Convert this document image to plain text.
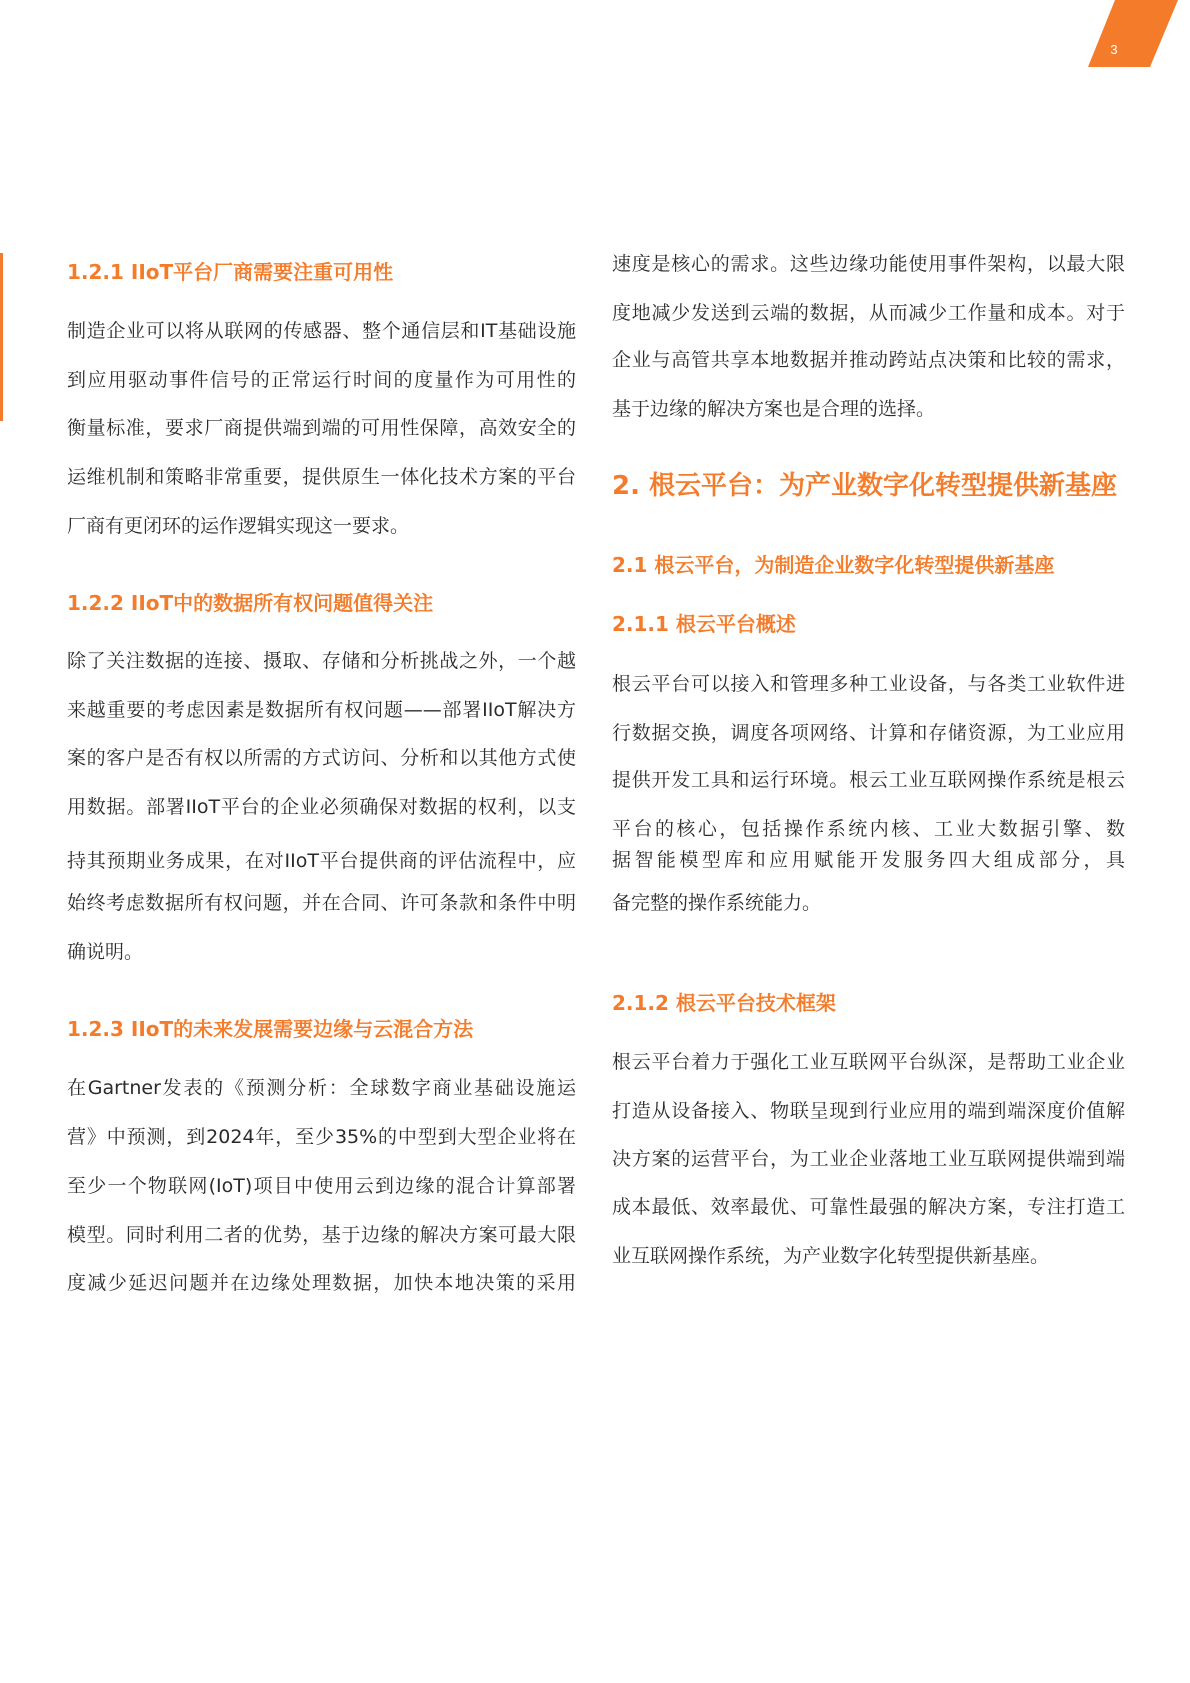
3
1.2.1 IIoT平台厂商需要注重可用性
制造企业可以将从联网的传感器、整个通信层和IT基础设施
到应用驱动事件信号的正常运行时间的度量作为可用性的
衡量标准，要求厂商提供端到端的可用性保障，高效安全的
运维机制和策略非常重要，提供原生一体化技术方案的平台
厂商有更闭环的运作逻辑实现这一要求。
1.2.2 IIoT中的数据所有权问题值得关注
除了关注数据的连接、摄取、存储和分析挑战之外，一个越
来越重要的考虑因素是数据所有权问题——部署IIoT解决方
案的客户是否有权以所需的方式访问、分析和以其他方式使
用数据。部署IIoT平台的企业必须确保对数据的权利，以支
持其预期业务成果，在对IIoT平台提供商的评估流程中，应
始终考虑数据所有权问题，并在合同、许可条款和条件中明
确说明。
1.2.3 IIoT的未来发展需要边缘与云混合方法
在Gartner发表的《预测分析：全球数字商业基础设施运
营》中预测，到2024年，至少35%的中型到大型企业将在
至少一个物联网(IoT)项目中使用云到边缘的混合计算部署
模型。同时利用二者的优势，基于边缘的解决方案可最大限
度减少延迟问题并在边缘处理数据，加快本地决策的采用
速度是核心的需求。这些边缘功能使用事件架构，以最大限
度地减少发送到云端的数据，从而减少工作量和成本。对于
企业与高管共享本地数据并推动跨站点决策和比较的需求，
基于边缘的解决方案也是合理的选择。
2. 根云平台：为产业数字化转型提供新基座
2.1 根云平台，为制造企业数字化转型提供新基座
2.1.1 根云平台概述
根云平台可以接入和管理多种工业设备，与各类工业软件进
行数据交换，调度各项网络、计算和存储资源，为工业应用
提供开发工具和运行环境。根云工业互联网操作系统是根云
平台的核心，包括操作系统内核、工业大数据引擎、数
据智能模型库和应用赋能开发服务四大组成部分，具
备完整的操作系统能力。
2.1.2 根云平台技术框架
根云平台着力于强化工业互联网平台纵深，是帮助工业企业
打造从设备接入、物联呈现到行业应用的端到端深度价值解
决方案的运营平台，为工业企业落地工业互联网提供端到端
成本最低、效率最优、可靠性最强的解决方案，专注打造工
业互联网操作系统，为产业数字化转型提供新基座。
